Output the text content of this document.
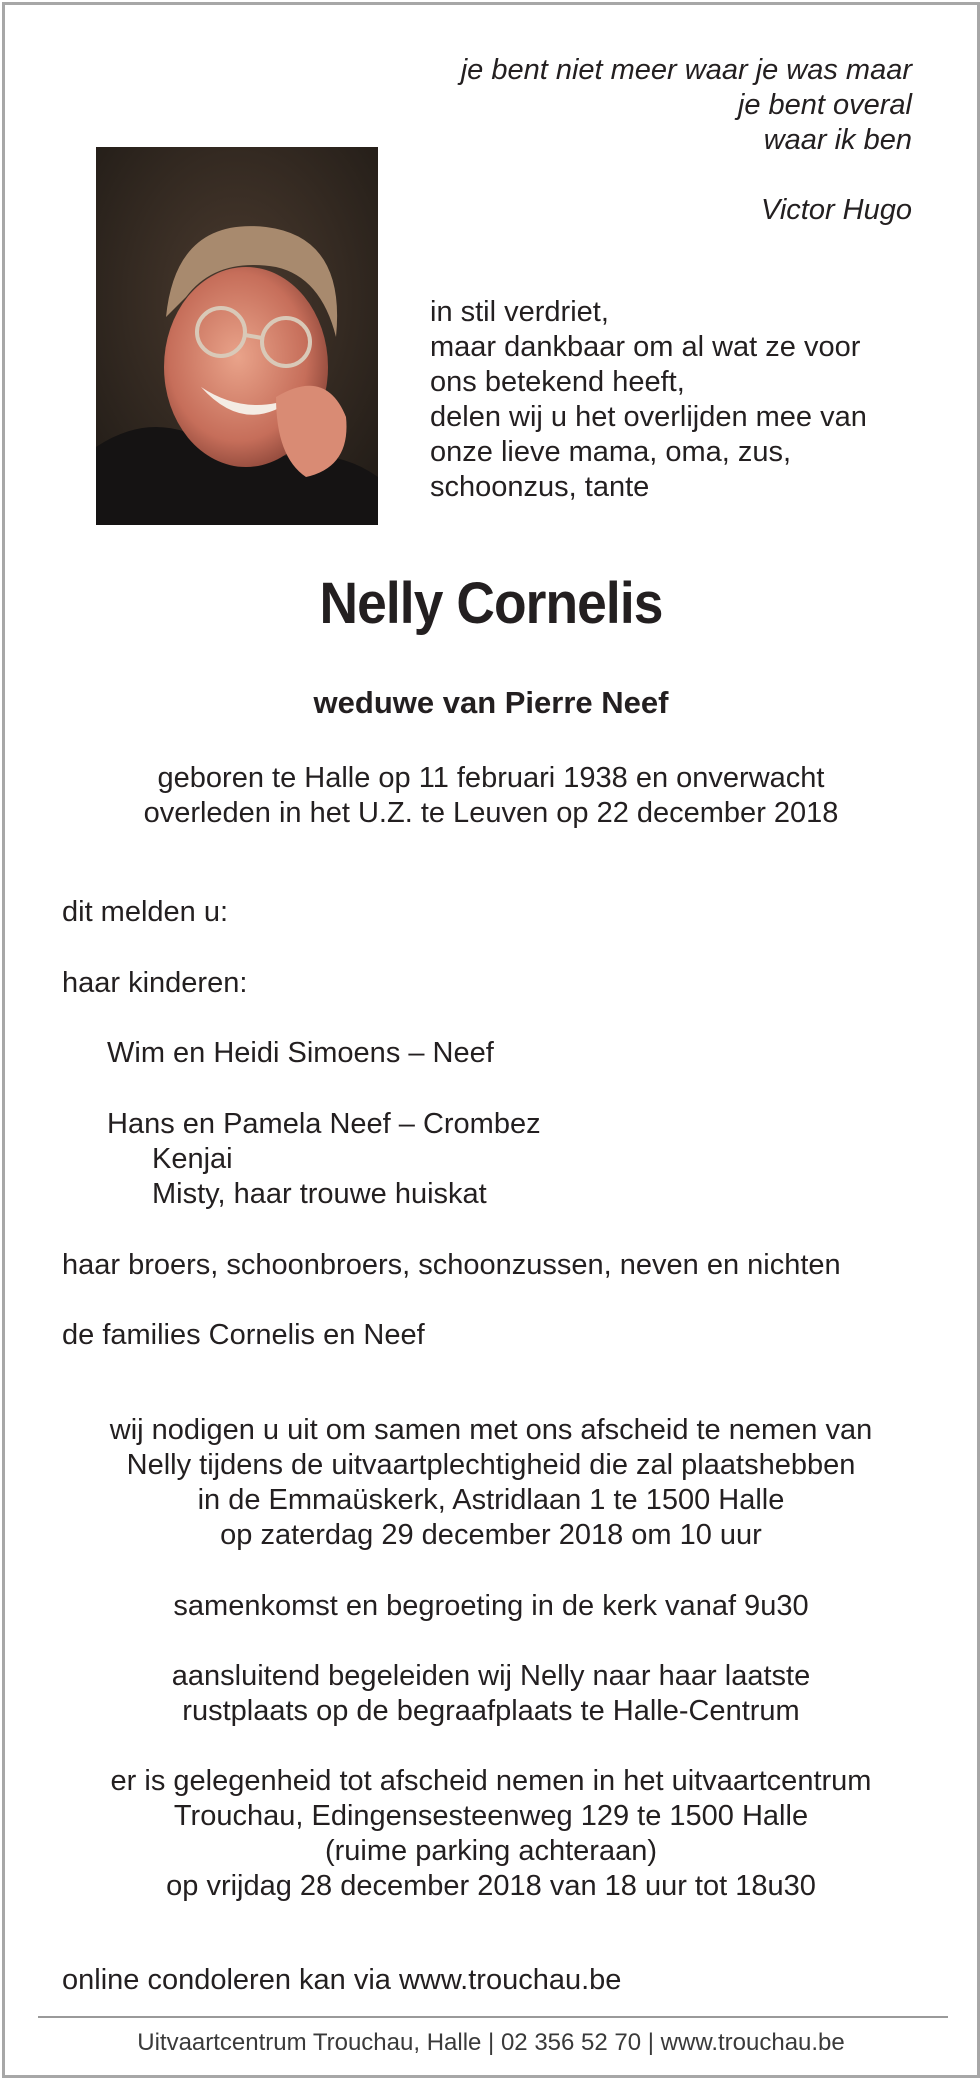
je bent niet meer waar je was maar
je bent overal
waar ik ben
Victor Hugo
in stil verdriet,
maar dankbaar om al wat ze voor
ons betekend heeft,
delen wij u het overlijden mee van
onze lieve mama, oma, zus,
schoonzus, tante
Nelly Cornelis
weduwe van Pierre Neef
geboren te Halle op 11 februari 1938 en onverwacht
overleden in het U.Z. te Leuven op 22 december 2018
dit melden u:
haar kinderen:
Wim en Heidi Simoens – Neef
Hans en Pamela Neef – Crombez
Kenjai
Misty, haar trouwe huiskat
haar broers, schoonbroers, schoonzussen, neven en nichten
de families Cornelis en Neef
wij nodigen u uit om samen met ons afscheid te nemen van
Nelly tijdens de uitvaartplechtigheid die zal plaatshebben
in de Emmaüskerk, Astridlaan 1 te 1500 Halle
op zaterdag 29 december 2018 om 10 uur
samenkomst en begroeting in de kerk vanaf 9u30
aansluitend begeleiden wij Nelly naar haar laatste
rustplaats op de begraafplaats te Halle-Centrum
er is gelegenheid tot afscheid nemen in het uitvaartcentrum
Trouchau, Edingensesteenweg 129 te 1500 Halle
(ruime parking achteraan)
op vrijdag 28 december 2018 van 18 uur tot 18u30
online condoleren kan via www.trouchau.be
Uitvaartcentrum Trouchau, Halle | 02 356 52 70 | www.trouchau.be
